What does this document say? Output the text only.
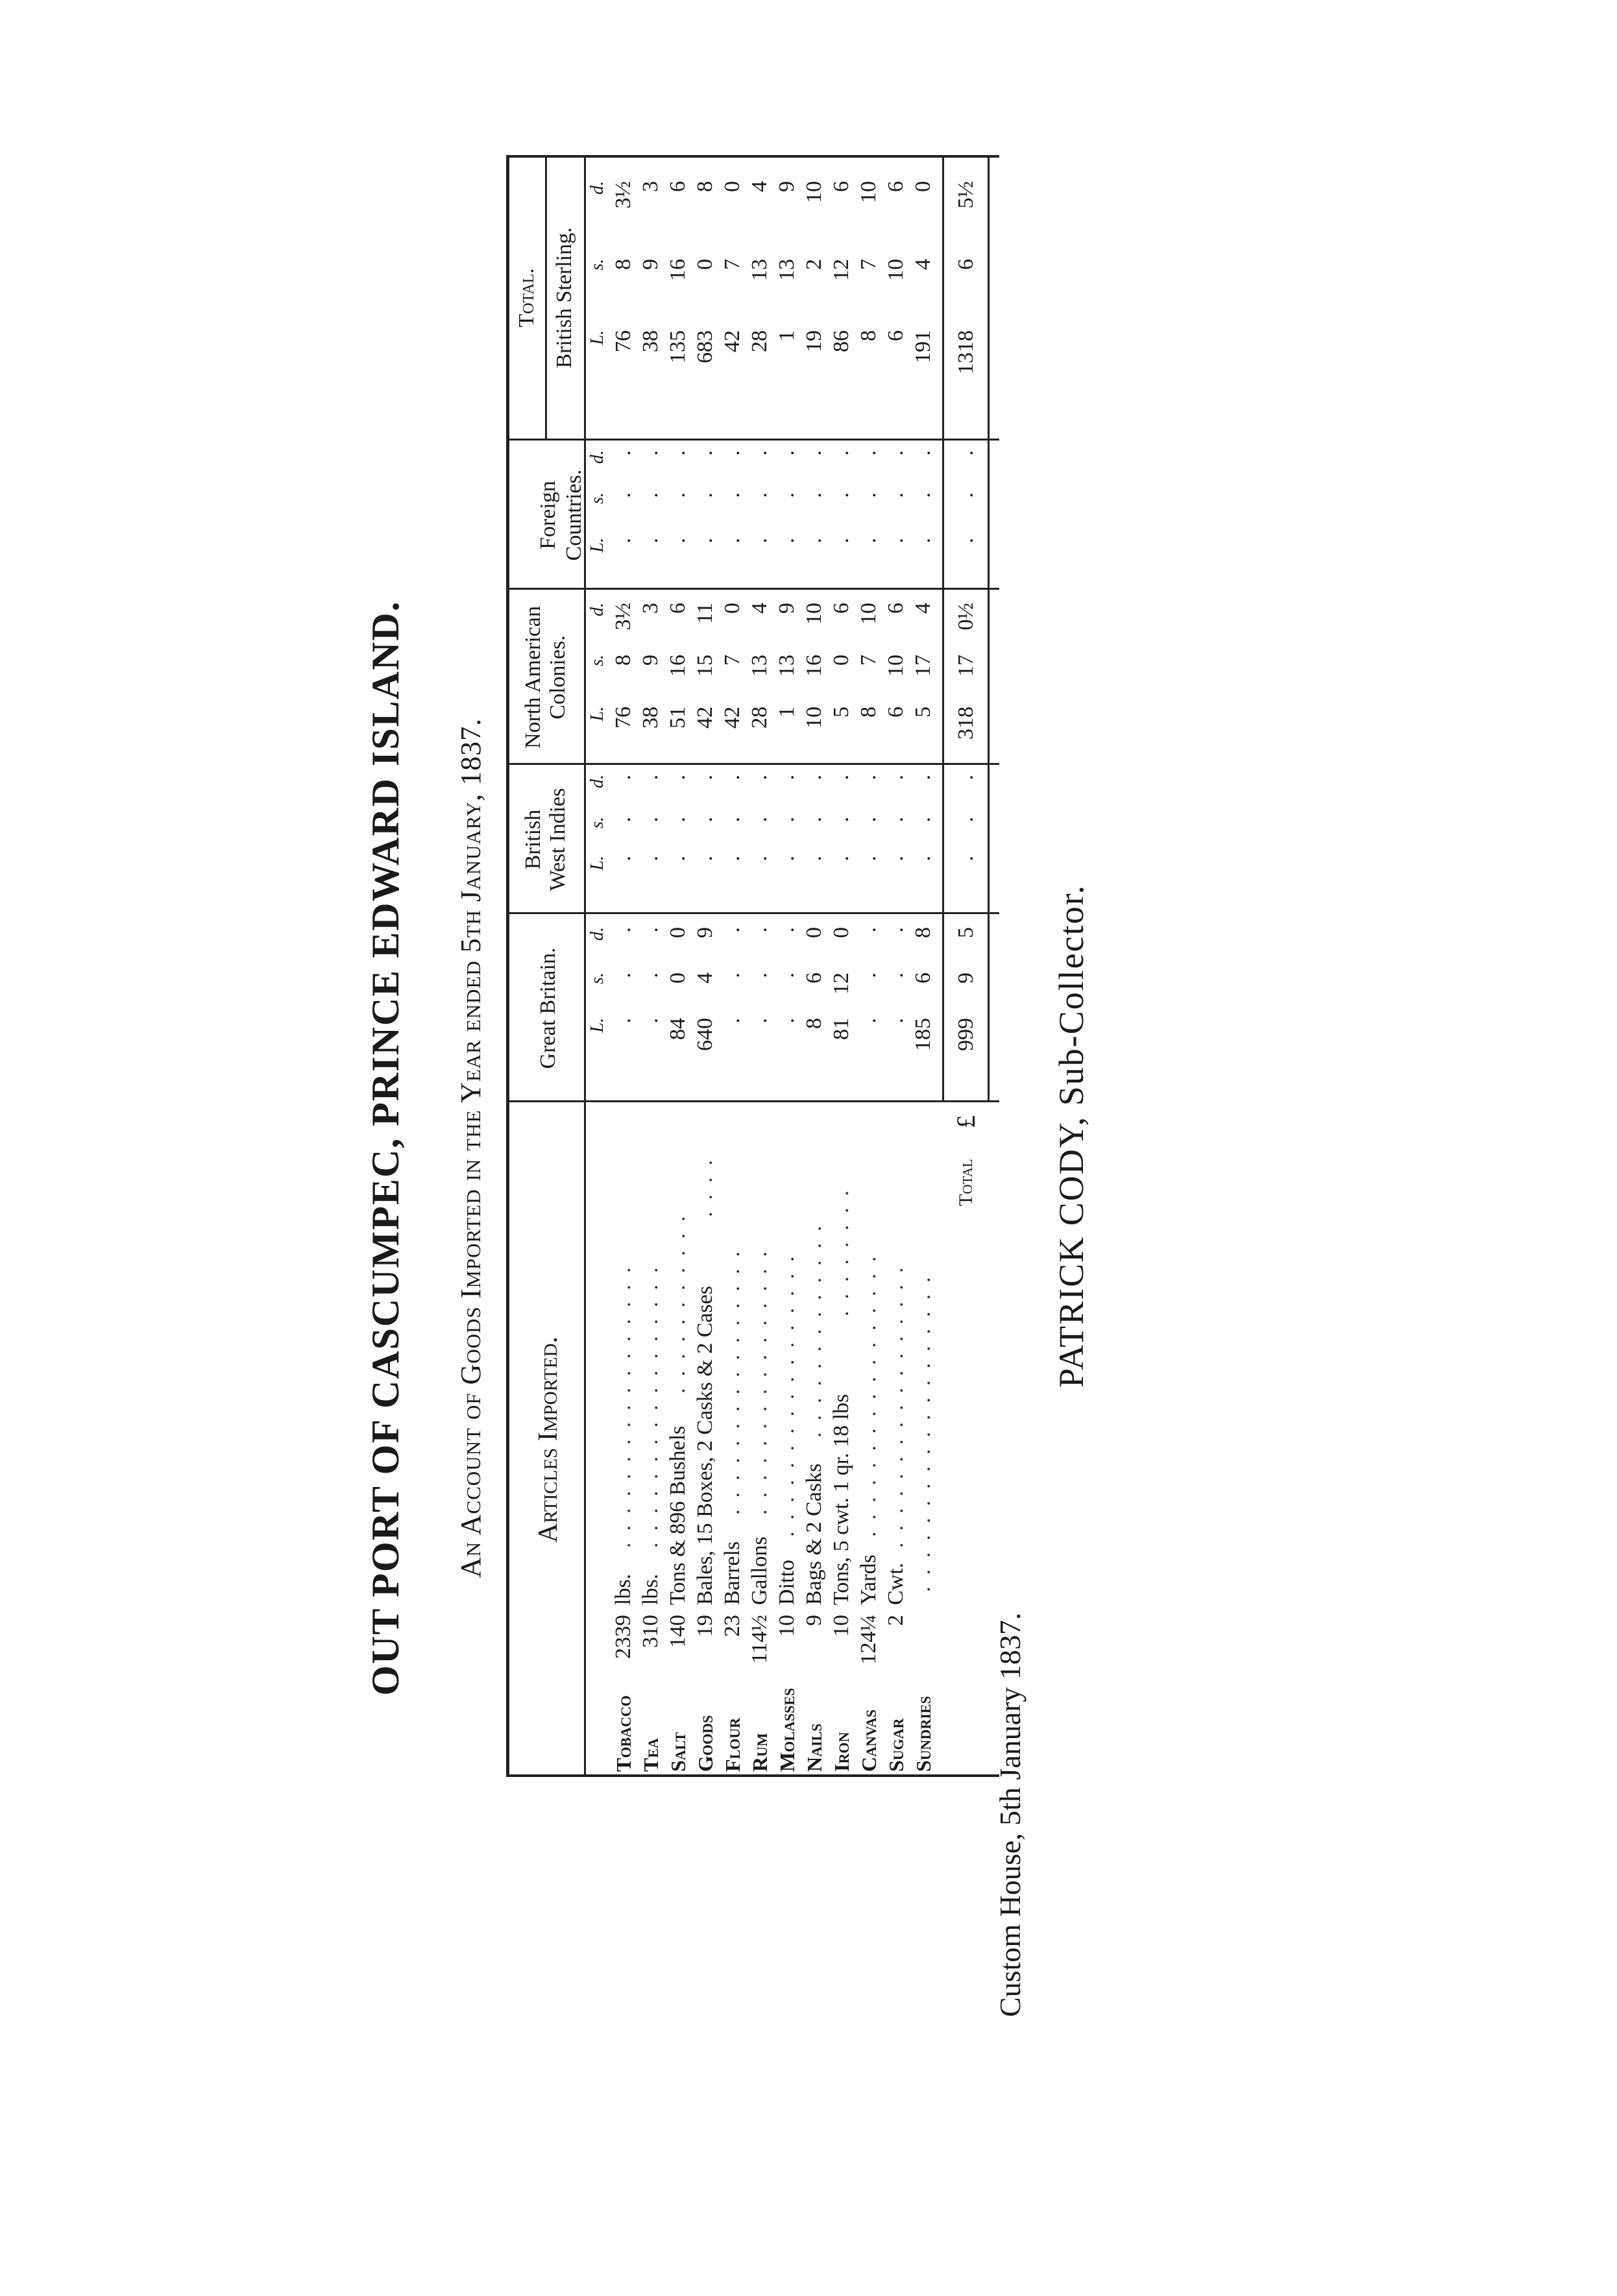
OUT PORT OF CASCUMPEC, PRINCE EDWARD ISLAND. An Account of Goods Imported in the Year ended 5th January, 1837. Articles Imported.
Great Britain.
British West Indies
North American Colonies.
Foreign Countries.
Total. British Sterling.
Total
£
L.
s.
d.
L.
s.
d.
L.
s.
d.
L.
s.
d.
L.
s.
d.
Tobacco
2339
lbs.
.................
.
.
.
.
.
.
76
8
3½
.
.
.
76
8
3½
Tea
310
lbs.
.................
.
.
.
.
.
.
38
9
3
.
.
.
38
9
3
Salt
140
Tons & 896 Bushels
...........
84
0
0
.
.
.
51
16
6
.
.
.
135
16
6
Goods
19
Bales, 15 Boxes, 2 Casks & 2 Cases
....
640
4
9
.
.
.
42
15
11
.
.
.
683
0
8
Flour
23
Barrels
................
.
.
.
.
.
.
42
7
0
.
.
.
42
7
0
Rum
114½
Gallons
................
.
.
.
.
.
.
28
13
4
.
.
.
28
13
4
Molasses
10
Ditto
.................
.
.
.
.
.
.
1
13
9
.
.
.
1
13
9
Nails
9
Bags & 2 Casks
.............
8
6
0
.
.
.
10
16
10
.
.
.
19
2
10
Iron
10
Tons, 5 cwt. 1 qr. 18 lbs
........
81
12
0
.
.
.
5
0
6
.
.
.
86
12
6
Canvas
124¼
Yards
.................
.
.
.
.
.
.
8
7
10
.
.
.
8
7
10
Sugar
2
Cwt.
.................
.
.
.
.
.
.
6
10
6
.
.
.
6
10
6
Sundries
...................
185
6
8
.
.
.
5
17
4
.
.
.
191
4
0
999
9
5
.
.
.
318
17
0½
.
.
.
1318
6
5½
Custom House, 5th January 1837.
PATRICK CODY, Sub-Collector.
